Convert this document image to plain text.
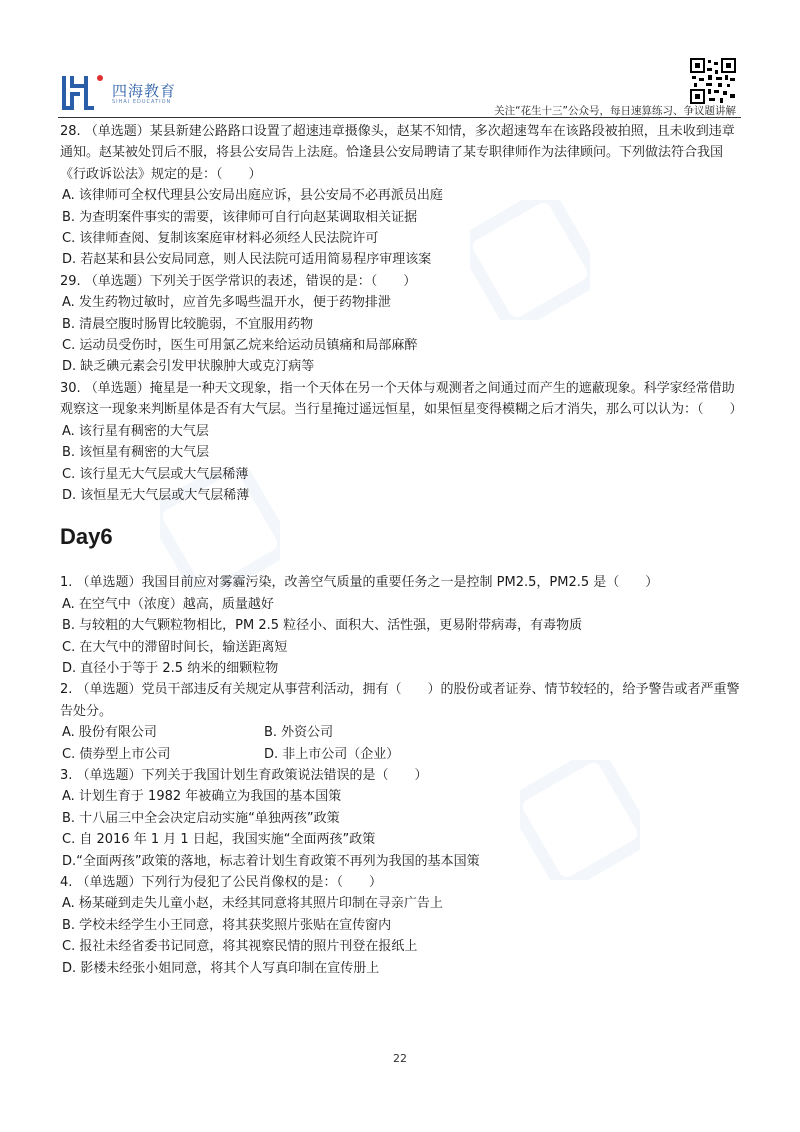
四海教育
SIHAI EDUCATION
关注“花生十三”公众号，每日速算练习、争议题讲解

28. （单选题）某县新建公路路口设置了超速违章摄像头，赵某不知情，多次超速驾车在该路段被拍照，且未收到违章通知。赵某被处罚后不服，将县公安局告上法庭。恰逢县公安局聘请了某专职律师作为法律顾问。下列做法符合我国《行政诉讼法》规定的是：（　　）

A. 该律师可全权代理县公安局出庭应诉，县公安局不必再派员出庭

B. 为查明案件事实的需要，该律师可自行向赵某调取相关证据

C. 该律师查阅、复制该案庭审材料必须经人民法院许可

D. 若赵某和县公安局同意，则人民法院可适用简易程序审理该案

29. （单选题）下列关于医学常识的表述，错误的是：（　　）

A. 发生药物过敏时，应首先多喝些温开水，便于药物排泄

B. 清晨空腹时肠胃比较脆弱，不宜服用药物

C. 运动员受伤时，医生可用氯乙烷来给运动员镇痛和局部麻醉

D. 缺乏碘元素会引发甲状腺肿大或克汀病等

30. （单选题）掩星是一种天文现象，指一个天体在另一个天体与观测者之间通过而产生的遮蔽现象。科学家经常借助观察这一现象来判断星体是否有大气层。当行星掩过遥远恒星，如果恒星变得模糊之后才消失，那么可以认为：（　　）

A. 该行星有稠密的大气层

B. 该恒星有稠密的大气层

C. 该行星无大气层或大气层稀薄

D. 该恒星无大气层或大气层稀薄

Day6

1. （单选题）我国目前应对雾霾污染，改善空气质量的重要任务之一是控制 PM2.5，PM2.5 是（　　）

A. 在空气中（浓度）越高，质量越好

B. 与较粗的大气颗粒物相比，PM 2.5 粒径小、面积大、活性强，更易附带病毒，有毒物质

C. 在大气中的滞留时间长，输送距离短

D. 直径小于等于 2.5 纳米的细颗粒物

2. （单选题）党员干部违反有关规定从事营利活动，拥有（　　）的股份或者证券、情节较轻的，给予警告或者严重警告处分。

A. 股份有限公司	B. 外资公司

C. 债券型上市公司	D. 非上市公司（企业）

3. （单选题）下列关于我国计划生育政策说法错误的是（　　）

A. 计划生育于 1982 年被确立为我国的基本国策

B. 十八届三中全会决定启动实施“单独两孩”政策

C. 自 2016 年 1 月 1 日起，我国实施“全面两孩”政策

D.“全面两孩”政策的落地，标志着计划生育政策不再列为我国的基本国策

4. （单选题）下列行为侵犯了公民肖像权的是：（　　）

A. 杨某碰到走失儿童小赵，未经其同意将其照片印制在寻亲广告上

B. 学校未经学生小王同意，将其获奖照片张贴在宣传窗内

C. 报社未经省委书记同意，将其视察民情的照片刊登在报纸上

D. 影楼未经张小姐同意，将其个人写真印制在宣传册上

22
